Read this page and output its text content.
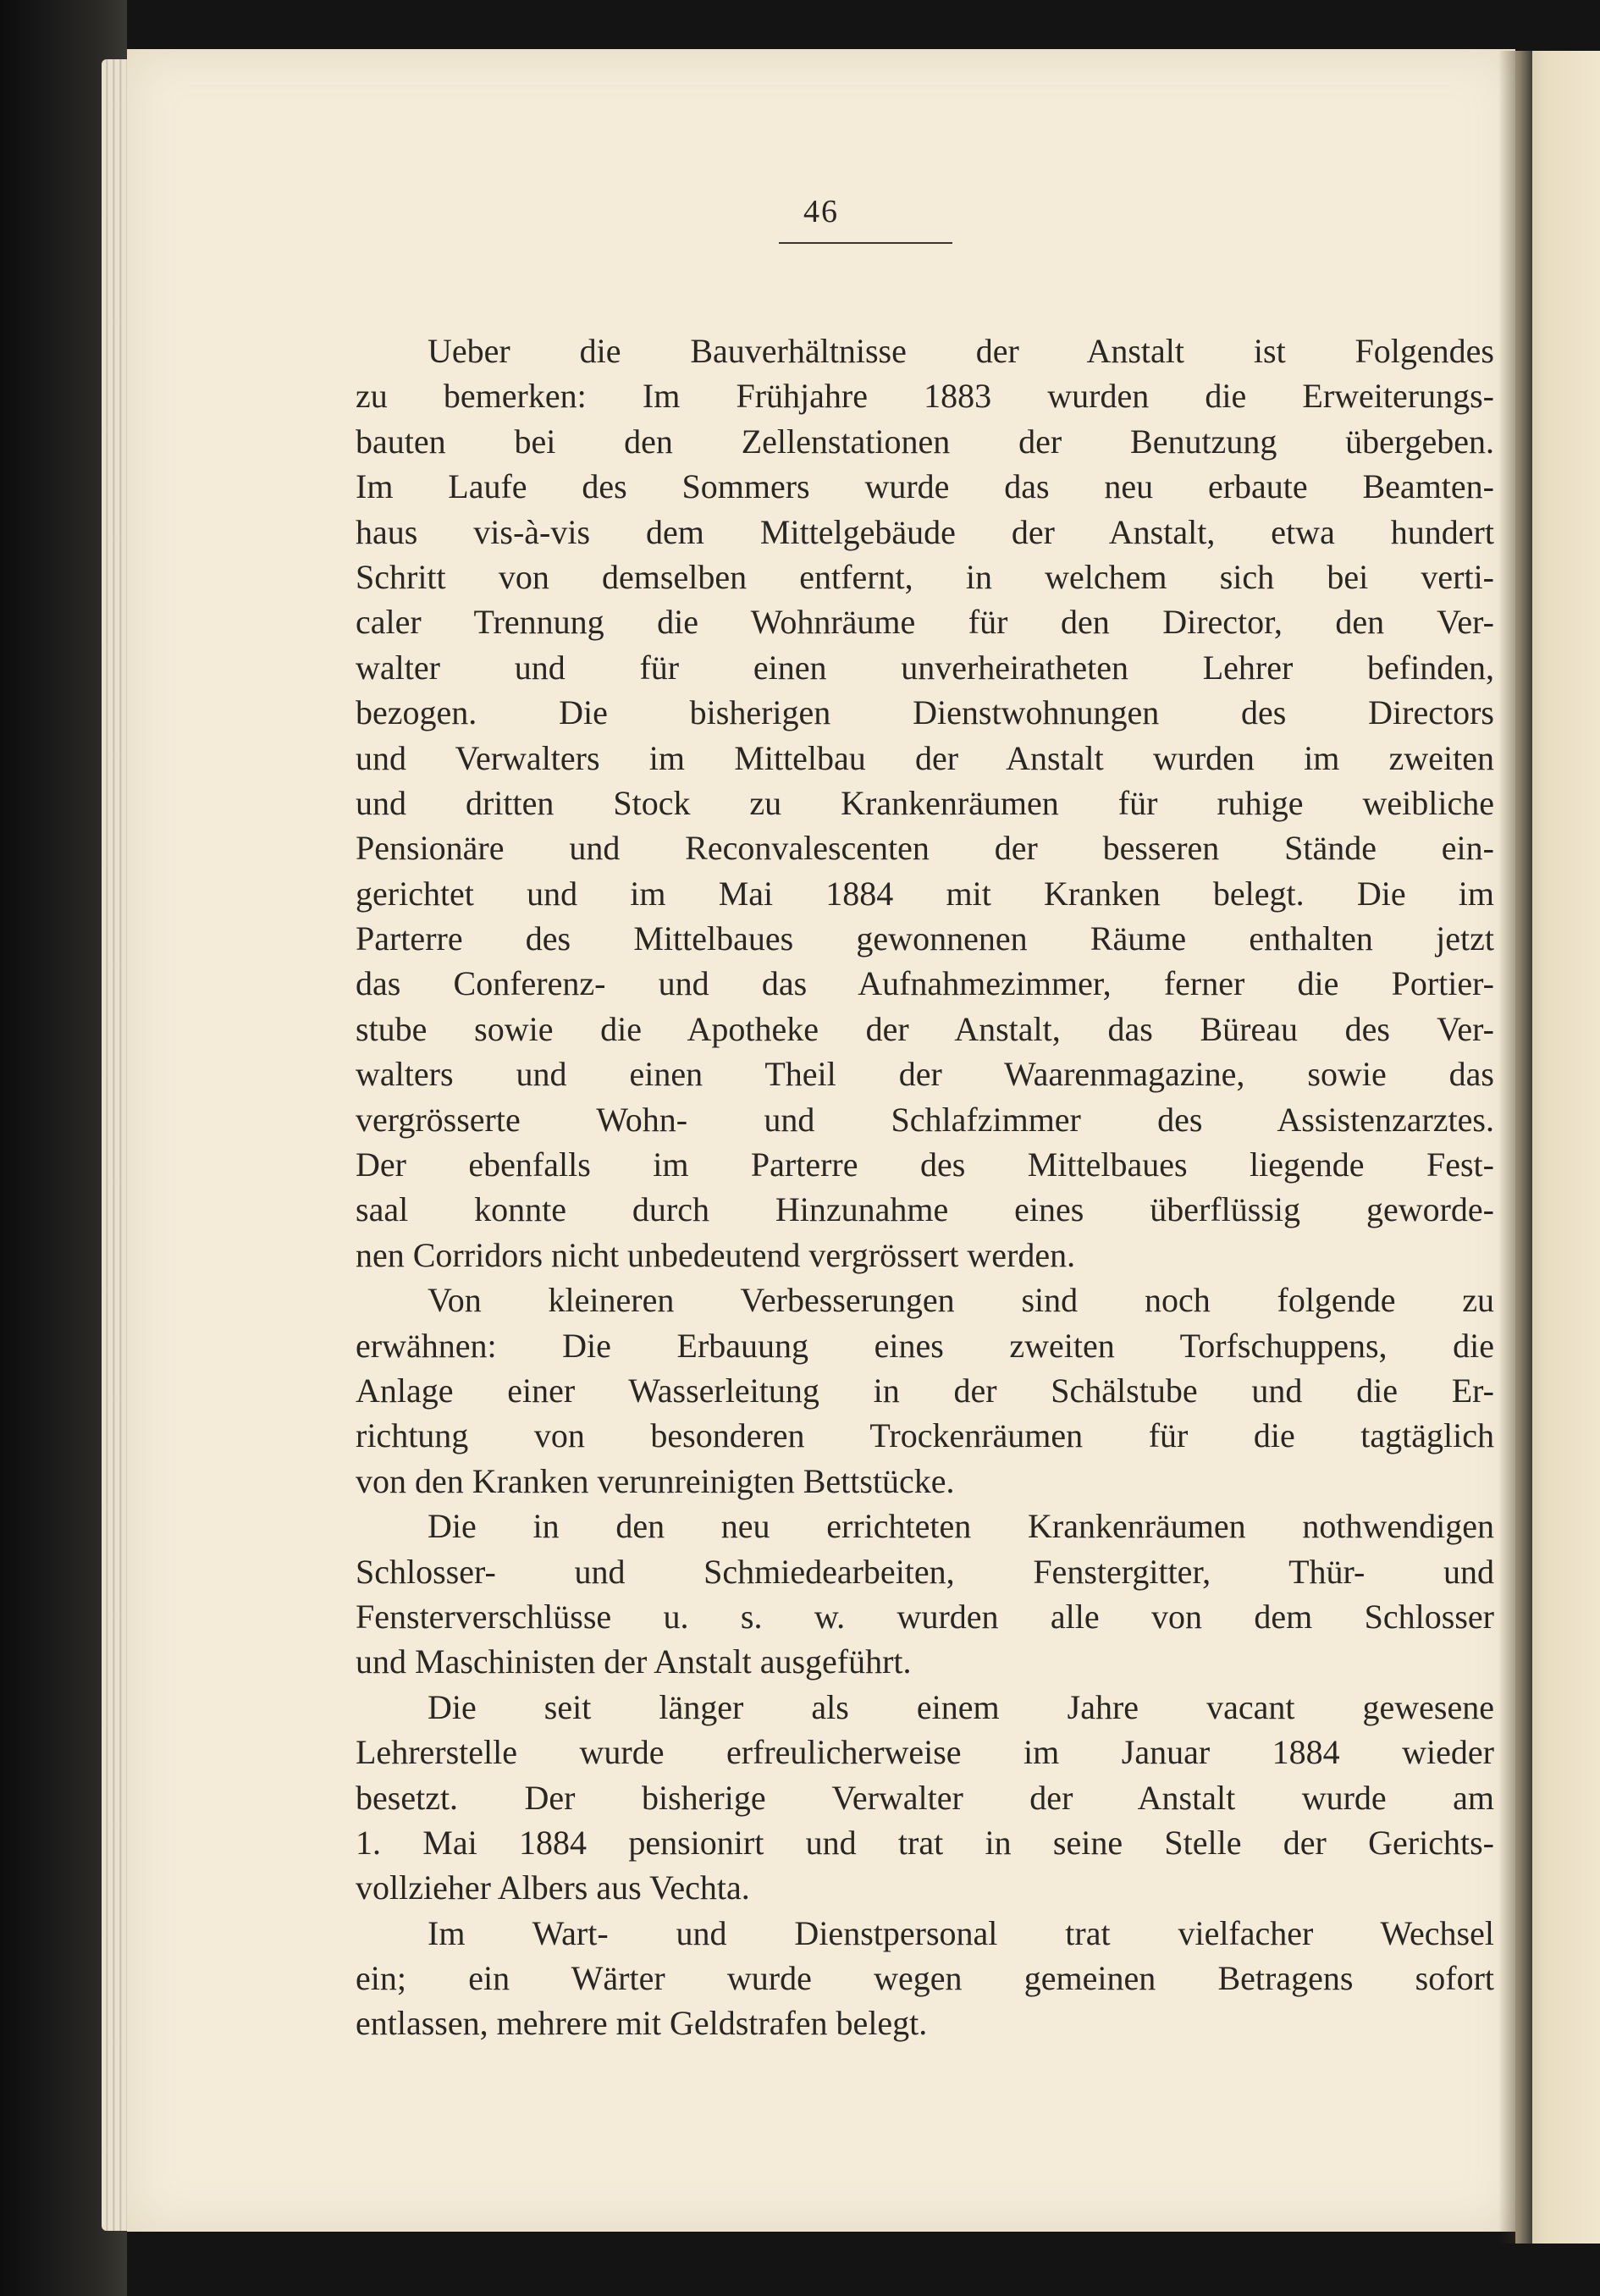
46

Ueber die Bauverhältnisse der Anstalt ist Folgendes
zu bemerken: Im Frühjahre 1883 wurden die Erweiterungs-
bauten bei den Zellenstationen der Benutzung übergeben.
Im Laufe des Sommers wurde das neu erbaute Beamten-
haus vis-à-vis dem Mittelgebäude der Anstalt, etwa hundert
Schritt von demselben entfernt, in welchem sich bei verti-
caler Trennung die Wohnräume für den Director, den Ver-
walter und für einen unverheiratheten Lehrer befinden,
bezogen. Die bisherigen Dienstwohnungen des Directors
und Verwalters im Mittelbau der Anstalt wurden im zweiten
und dritten Stock zu Krankenräumen für ruhige weibliche
Pensionäre und Reconvalescenten der besseren Stände ein-
gerichtet und im Mai 1884 mit Kranken belegt. Die im
Parterre des Mittelbaues gewonnenen Räume enthalten jetzt
das Conferenz- und das Aufnahmezimmer, ferner die Portier-
stube sowie die Apotheke der Anstalt, das Büreau des Ver-
walters und einen Theil der Waarenmagazine, sowie das
vergrösserte Wohn- und Schlafzimmer des Assistenzarztes.
Der ebenfalls im Parterre des Mittelbaues liegende Fest-
saal konnte durch Hinzunahme eines überflüssig geworde-
nen Corridors nicht unbedeutend vergrössert werden.

Von kleineren Verbesserungen sind noch folgende zu
erwähnen: Die Erbauung eines zweiten Torfschuppens, die
Anlage einer Wasserleitung in der Schälstube und die Er-
richtung von besonderen Trockenräumen für die tagtäglich
von den Kranken verunreinigten Bettstücke.

Die in den neu errichteten Krankenräumen nothwendigen
Schlosser- und Schmiedearbeiten, Fenstergitter, Thür- und
Fensterverschlüsse u. s. w. wurden alle von dem Schlosser
und Maschinisten der Anstalt ausgeführt.

Die seit länger als einem Jahre vacant gewesene
Lehrerstelle wurde erfreulicherweise im Januar 1884 wieder
besetzt. Der bisherige Verwalter der Anstalt wurde am
1. Mai 1884 pensionirt und trat in seine Stelle der Gerichts-
vollzieher Albers aus Vechta.

Im Wart- und Dienstpersonal trat vielfacher Wechsel
ein; ein Wärter wurde wegen gemeinen Betragens sofort
entlassen, mehrere mit Geldstrafen belegt.
